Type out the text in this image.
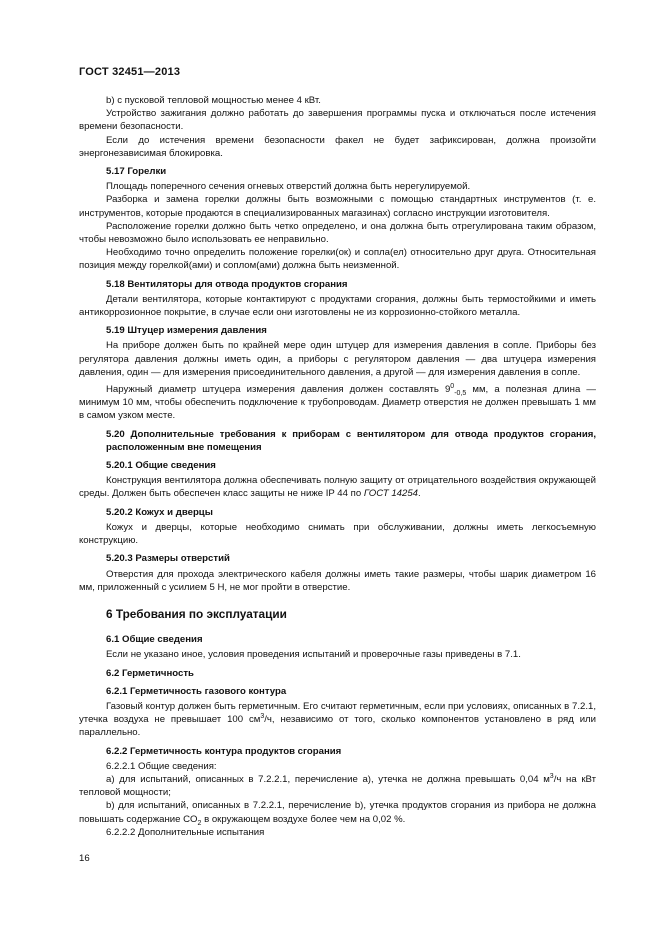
ГОСТ 32451—2013

b) с пусковой тепловой мощностью менее 4 кВт.

Устройство зажигания должно работать до завершения программы пуска и отключаться после истечения времени безопасности.

Если до истечения времени безопасности факел не будет зафиксирован, должна произойти энергонезависимая блокировка.

5.17 Горелки

Площадь поперечного сечения огневых отверстий должна быть нерегулируемой.

Разборка и замена горелки должны быть возможными с помощью стандартных инструментов (т. е. инструментов, которые продаются в специализированных магазинах) согласно инструкции изготовителя.

Расположение горелки должно быть четко определено, и она должна быть отрегулирована таким образом, чтобы невозможно было использовать ее неправильно.

Необходимо точно определить положение горелки(ок) и сопла(ел) относительно друг друга. Относительная позиция между горелкой(ами) и соплом(ами) должна быть неизменной.

5.18 Вентиляторы для отвода продуктов сгорания

Детали вентилятора, которые контактируют с продуктами сгорания, должны быть термостойкими и иметь антикоррозионное покрытие, в случае если они изготовлены не из коррозионно-стойкого металла.

5.19 Штуцер измерения давления

На приборе должен быть по крайней мере один штуцер для измерения давления в сопле. Приборы без регулятора давления должны иметь один, а приборы с регулятором давления — два штуцера измерения давления, один — для измерения присоединительного давления, а другой — для измерения давления в сопле.

Наружный диаметр штуцера измерения давления должен составлять $9^0_{-0,5}$ мм, а полезная длина — минимум 10 мм, чтобы обеспечить подключение к трубопроводам. Диаметр отверстия не должен превышать 1 мм в самом узком месте.

5.20 Дополнительные требования к приборам с вентилятором для отвода продуктов сгорания, расположенным вне помещения

5.20.1 Общие сведения

Конструкция вентилятора должна обеспечивать полную защиту от отрицательного воздействия окружающей среды. Должен быть обеспечен класс защиты не ниже IP 44 по ГОСТ 14254.

5.20.2 Кожух и дверцы

Кожух и дверцы, которые необходимо снимать при обслуживании, должны иметь легкосъемную конструкцию.

5.20.3 Размеры отверстий

Отверстия для прохода электрического кабеля должны иметь такие размеры, чтобы шарик диаметром 16 мм, приложенный с усилием 5 Н, не мог пройти в отверстие.

6 Требования по эксплуатации

6.1 Общие сведения

Если не указано иное, условия проведения испытаний и проверочные газы приведены в 7.1.

6.2 Герметичность

6.2.1 Герметичность газового контура

Газовый контур должен быть герметичным. Его считают герметичным, если при условиях, описанных в 7.2.1, утечка воздуха не превышает 100 $см^3/ч$, независимо от того, сколько компонентов установлено в ряд или параллельно.

6.2.2 Герметичность контура продуктов сгорания

6.2.2.1 Общие сведения:

а) для испытаний, описанных в 7.2.2.1, перечисление а), утечка не должна превышать 0,04 $м^3/ч$ на кВт тепловой мощности;

b) для испытаний, описанных в 7.2.2.1, перечисление b), утечка продуктов сгорания из прибора не должна повышать содержание $CO_2$ в окружающем воздухе более чем на 0,02 %.

6.2.2.2 Дополнительные испытания

16
